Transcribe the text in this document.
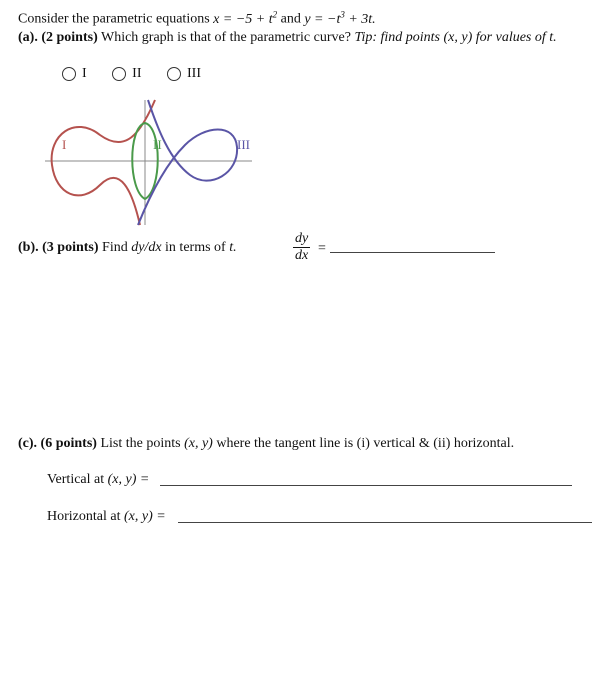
Consider the parametric equations $x = -5 + t^2$ and $y = -t^3 + 3t$.
(a). (2 points) Which graph is that of the parametric curve? Tip: find points (x, y) for values of t.
I
	II
	III
I	II	III
(b). (3 points) Find dy/dx in terms of t.	$\frac{dy}{dx}$ =
(c). (6 points) List the points (x, y) where the tangent line is (i) vertical & (ii) horizontal.
Vertical at (x, y) =
Horizontal at (x, y) =
